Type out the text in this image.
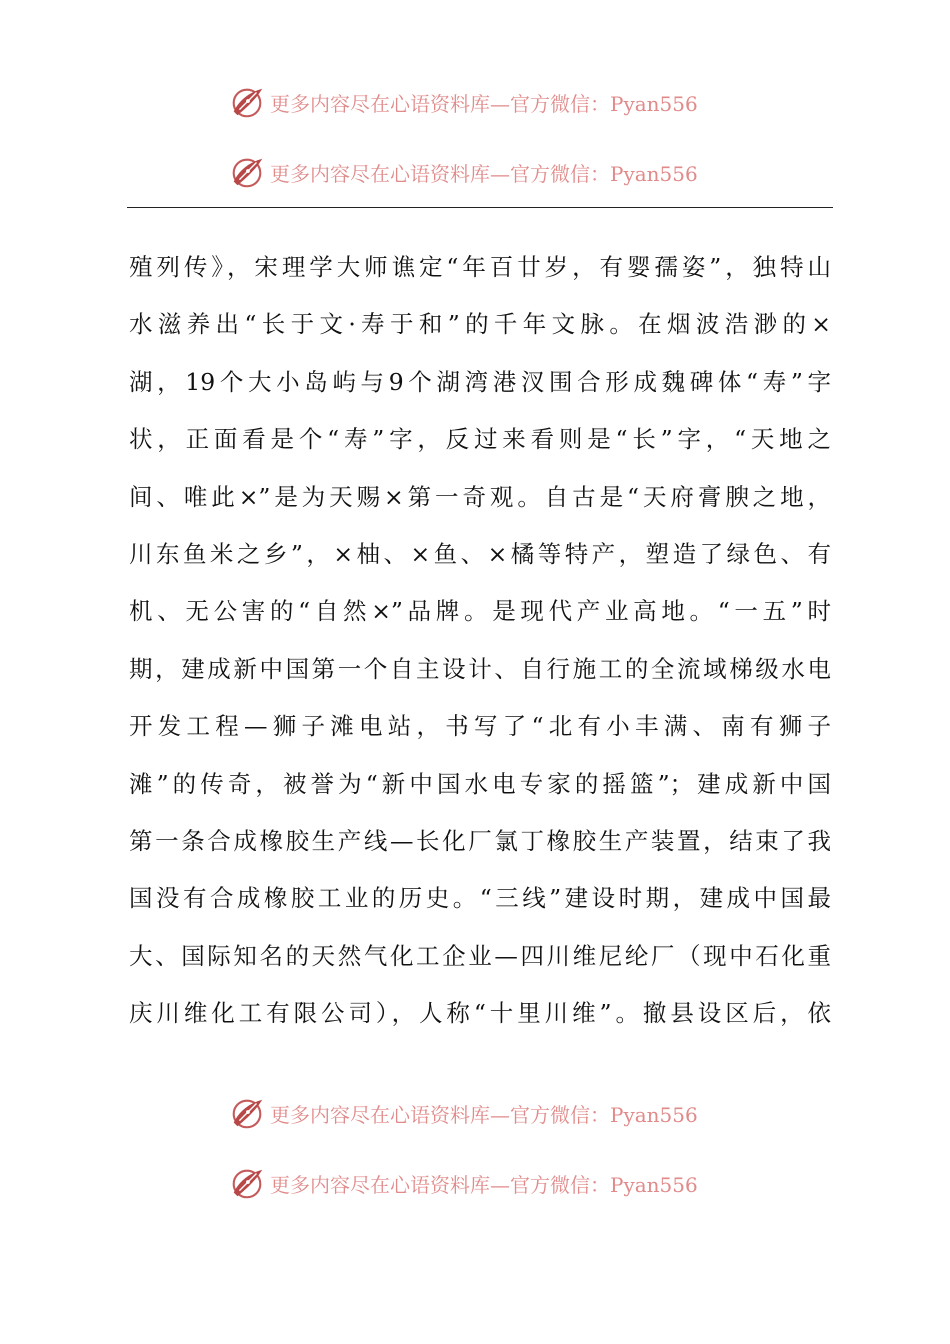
更多内容尽在心语资料库—官方微信：Pyan556
更多内容尽在心语资料库—官方微信：Pyan556
殖列传》，宋理学大师谯定“年百廿岁，有婴孺姿”，独特山
水滋养出“长于文·寿于和”的千年文脉。在烟波浩渺的×
湖，19个大小岛屿与9个湖湾港汊围合形成魏碑体“寿”字
状，正面看是个“寿”字，反过来看则是“长”字，“天地之
间、唯此×”是为天赐×第一奇观。自古是“天府膏腴之地，
川东鱼米之乡”，×柚、×鱼、×橘等特产，塑造了绿色、有
机、无公害的“自然×”品牌。是现代产业高地。“一五”时
期，建成新中国第一个自主设计、自行施工的全流域梯级水电
开发工程—狮子滩电站，书写了“北有小丰满、南有狮子
滩”的传奇，被誉为“新中国水电专家的摇篮”；建成新中国
第一条合成橡胶生产线—长化厂氯丁橡胶生产装置，结束了我
国没有合成橡胶工业的历史。“三线”建设时期，建成中国最
大、国际知名的天然气化工企业—四川维尼纶厂（现中石化重
庆川维化工有限公司），人称“十里川维”。撤县设区后，依
更多内容尽在心语资料库—官方微信：Pyan556
更多内容尽在心语资料库—官方微信：Pyan556
